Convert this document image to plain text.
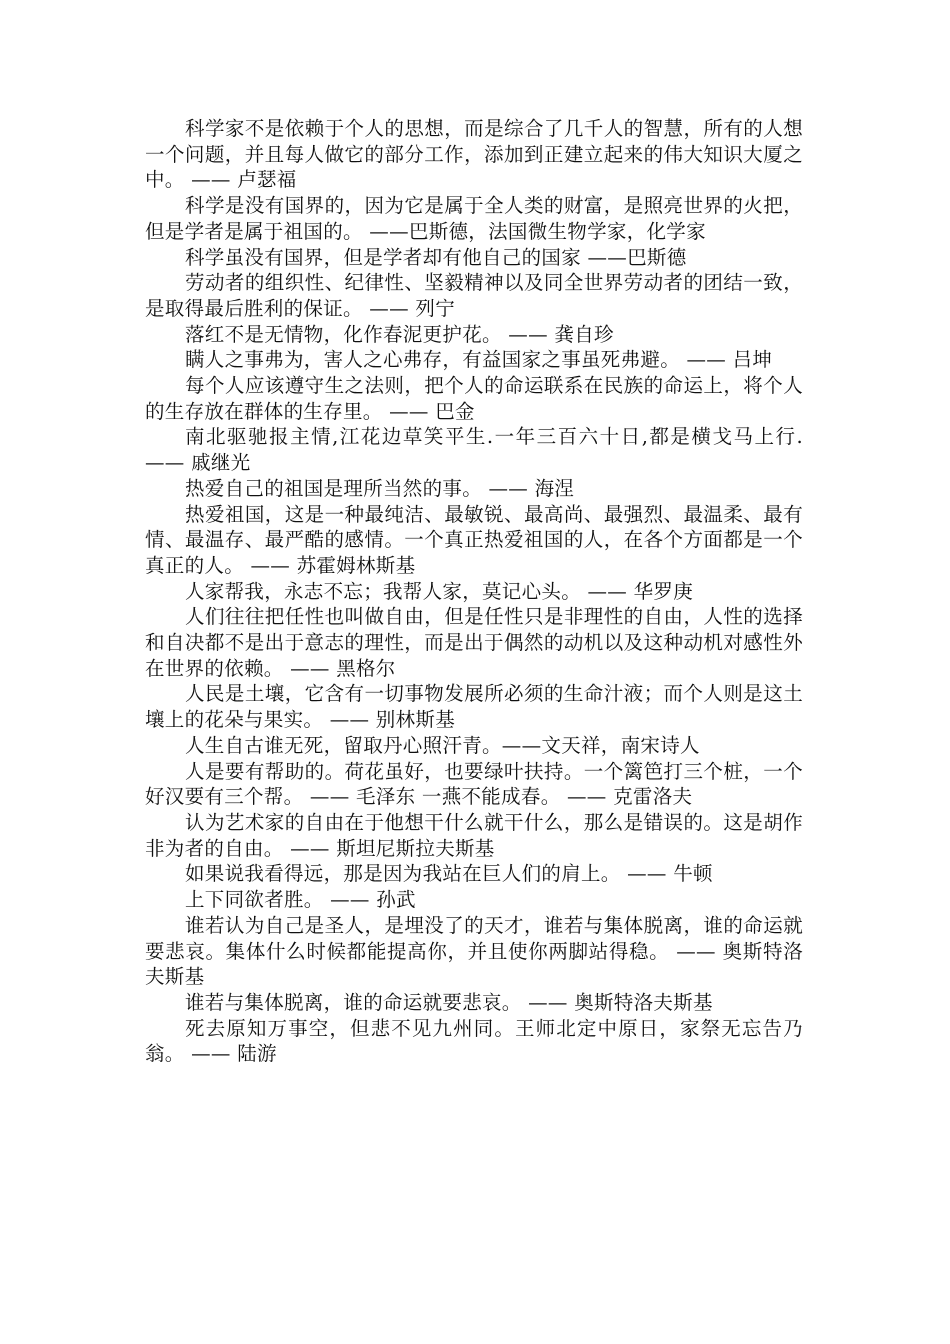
科学家不是依赖于个人的思想，而是综合了几千人的智慧，所有的人想一个问题，并且每人做它的部分工作，添加到正建立起来的伟大知识大厦之中。 —— 卢瑟福

科学是没有国界的，因为它是属于全人类的财富，是照亮世界的火把，但是学者是属于祖国的。 ——巴斯德，法国微生物学家，化学家

科学虽没有国界，但是学者却有他自己的国家 ——巴斯德

劳动者的组织性、纪律性、坚毅精神以及同全世界劳动者的团结一致，是取得最后胜利的保证。 —— 列宁

落红不是无情物，化作春泥更护花。 —— 龚自珍

瞒人之事弗为，害人之心弗存，有益国家之事虽死弗避。 —— 吕坤

每个人应该遵守生之法则，把个人的命运联系在民族的命运上，将个人的生存放在群体的生存里。 —— 巴金

南北驱驰报主情,江花边草笑平生.一年三百六十日,都是横戈马上行. —— 戚继光

热爱自己的祖国是理所当然的事。 —— 海涅

热爱祖国，这是一种最纯洁、最敏锐、最高尚、最强烈、最温柔、最有情、最温存、最严酷的感情。一个真正热爱祖国的人，在各个方面都是一个真正的人。 —— 苏霍姆林斯基

人家帮我，永志不忘；我帮人家，莫记心头。 —— 华罗庚

人们往往把任性也叫做自由，但是任性只是非理性的自由，人性的选择和自决都不是出于意志的理性，而是出于偶然的动机以及这种动机对感性外在世界的依赖。 —— 黑格尔

人民是土壤，它含有一切事物发展所必须的生命汁液；而个人则是这土壤上的花朵与果实。 —— 别林斯基

人生自古谁无死，留取丹心照汗青。——文天祥，南宋诗人

人是要有帮助的。荷花虽好，也要绿叶扶持。一个篱笆打三个桩，一个好汉要有三个帮。 —— 毛泽东 一燕不能成春。 —— 克雷洛夫

认为艺术家的自由在于他想干什么就干什么，那么是错误的。这是胡作非为者的自由。 —— 斯坦尼斯拉夫斯基

如果说我看得远，那是因为我站在巨人们的肩上。 —— 牛顿

上下同欲者胜。 —— 孙武

谁若认为自己是圣人，是埋没了的天才，谁若与集体脱离，谁的命运就要悲哀。集体什么时候都能提高你，并且使你两脚站得稳。 —— 奥斯特洛夫斯基

谁若与集体脱离，谁的命运就要悲哀。 —— 奥斯特洛夫斯基

死去原知万事空，但悲不见九州同。王师北定中原日，家祭无忘告乃翁。 —— 陆游
